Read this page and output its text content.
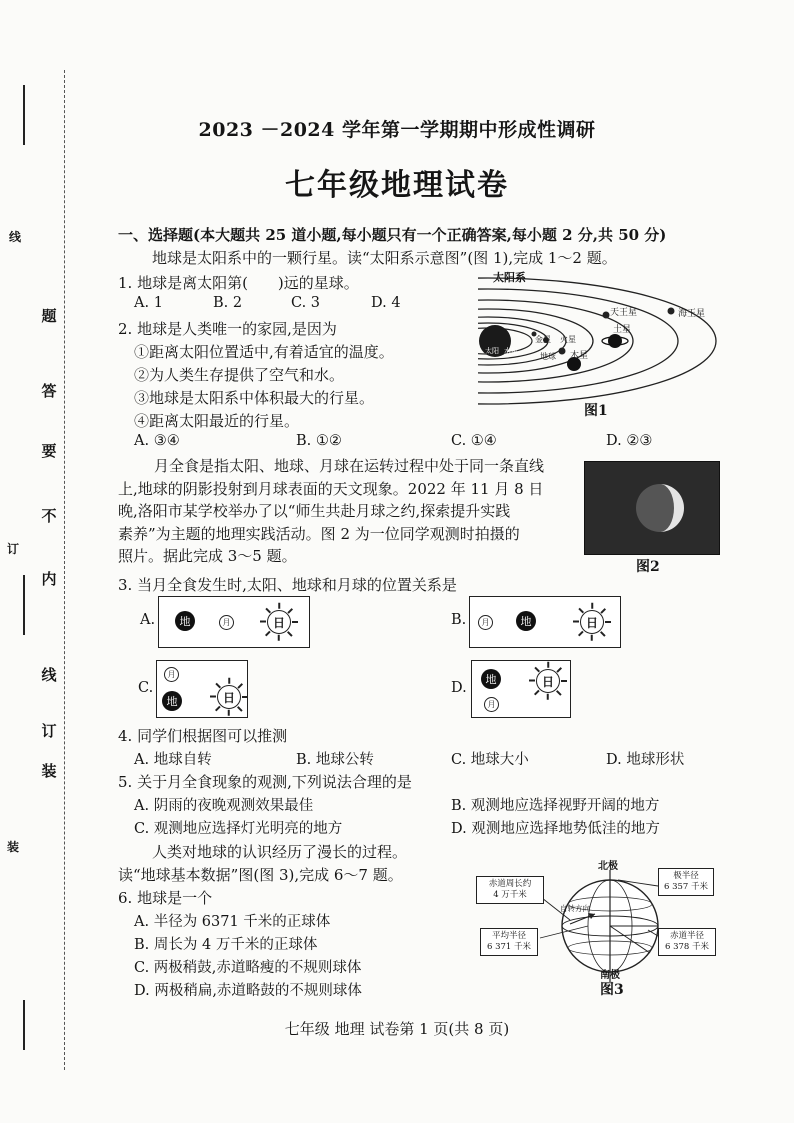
线
题
答
要
不
内
线
订
装
订
装
2023 －2024 学年第一学期期中形成性调研
七年级地理试卷
一、选择题(本大题共 25 道小题,每小题只有一个正确答案,每小题 2 分,共 50 分)
地球是太阳系中的一颗行星。读“太阳系示意图”(图 1),完成 1～2 题。
1. 地球是离太阳第(　　)远的星球。
A. 1	B. 2	C. 3	D. 4
2. 地球是人类唯一的家园,是因为
①距离太阳位置适中,有着适宜的温度。
②为人类生存提供了空气和水。
③地球是太阳系中体积最大的行星。
④距离太阳最近的行星。
A. ③④	B. ①②	C. ①④	D. ②③
太阳系
天王星	海王星
土星
金星 火星
地球 木星
水星
太阳
图1
月全食是指太阳、地球、月球在运转过程中处于同一条直线
上,地球的阴影投射到月球表面的天文现象。2022 年 11 月 8 日
晚,洛阳市某学校举办了以“师生共赴月球之约,探索提升实践
素养”为主题的地理实践活动。图 2 为一位同学观测时拍摄的
照片。据此完成 3～5 题。
图2
3. 当月全食发生时,太阳、地球和月球的位置关系是
A.	地	月	日	B.	月	地	日
C.
月
地	日
D.
地
月
日
4. 同学们根据图可以推测
A. 地球自转	B. 地球公转	C. 地球大小	D. 地球形状
5. 关于月全食现象的观测,下列说法合理的是
A. 阴雨的夜晚观测效果最佳	B. 观测地应选择视野开阔的地方
C. 观测地应选择灯光明亮的地方	D. 观测地应选择地势低洼的地方
人类对地球的认识经历了漫长的过程。
读“地球基本数据”图(图 3),完成 6～7 题。
6. 地球是一个
A. 半径为 6371 千米的正球体
B. 周长为 4 万千米的正球体
C. 两极稍鼓,赤道略瘦的不规则球体
D. 两极稍扁,赤道略鼓的不规则球体
北极
南极
赤道周长约
4 万千米
极半径
6 357 千米
平均半径
6 371 千米
赤道半径
6 378 千米
自转方向
图3
七年级 地理 试卷第 1 页(共 8 页)
